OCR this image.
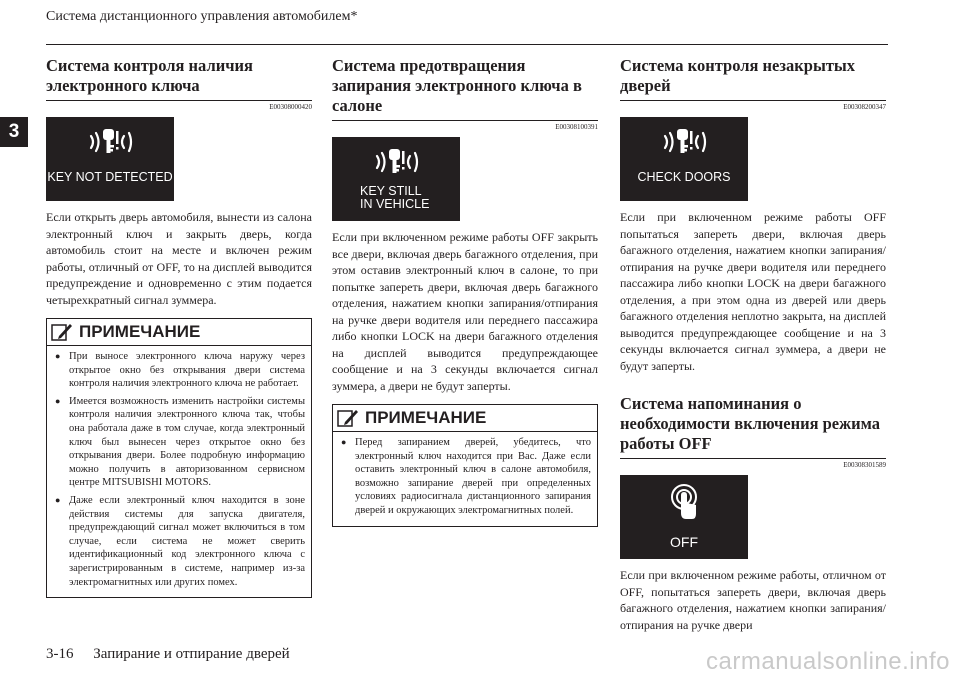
Система дистанционного управления автомобилем*
3
Система контроля наличия электронного ключа
E00308000420
KEY NOT DETECTED

Если открыть дверь автомобиля, вынести из салона электронный ключ и закрыть дверь, когда автомобиль стоит на месте и включен режим работы, отличный от OFF, то на дисплей выводится предупреждение и одновременно с этим подается четырехкратный сигнал зуммера.

ПРИМЕЧАНИЕ
● При выносе электронного ключа наружу через открытое окно без открывания двери система контроля наличия электронного ключа не работает.
● Имеется возможность изменить настройки системы контроля наличия электронного ключа так, чтобы она работала даже в том случае, когда электронный ключ был вынесен через открытое окно без открывания двери. Более подробную информацию можно получить в авторизованном сервисном центре MITSUBISHI MOTORS.
● Даже если электронный ключ находится в зоне действия системы для запуска двигателя, предупреждающий сигнал может включиться в том случае, если система не может сверить идентификационный код электронного ключа с зарегистрированным в системе, например из-за электромагнитных или других помех.
Система предотвращения запирания электронного ключа в салоне
E00308100391
KEY STILL
IN VEHICLE

Если при включенном режиме работы OFF закрыть все двери, включая дверь багажного отделения, при этом оставив электронный ключ в салоне, то при попытке запереть двери, включая дверь багажного отделения, нажатием кнопки запирания/отпирания на ручке двери водителя или переднего пассажира либо кнопки LOCK на двери багажного отделения на дисплей выводится предупреждающее сообщение и на 3 секунды включается сигнал зуммера, а двери не будут заперты.

ПРИМЕЧАНИЕ
● Перед запиранием дверей, убедитесь, что электронный ключ находится при Вас. Даже если оставить электронный ключ в салоне автомобиля, возможно запирание дверей при определенных условиях радиосигнала дистанционного запирания дверей и окружающих электромагнитных полей.
Система контроля незакрытых дверей
E00308200347
CHECK DOORS

Если при включенном режиме работы OFF попытаться запереть двери, включая дверь багажного отделения, нажатием кнопки запирания/отпирания на ручке двери водителя или переднего пассажира либо кнопки LOCK на двери багажного отделения, а при этом одна из дверей или дверь багажного отделения неплотно закрыта, на дисплей выводится предупреждающее сообщение и на 3 секунды включается сигнал зуммера, а двери не будут заперты.

Система напоминания о необходимости включения режима работы OFF
E00308301589
OFF

Если при включенном режиме работы, отличном от OFF, попытаться запереть двери, включая дверь багажного отделения, нажатием кнопки запирания/отпирания на ручке двери

3-16 Запирание и отпирание дверей	carmanualsonline.info
